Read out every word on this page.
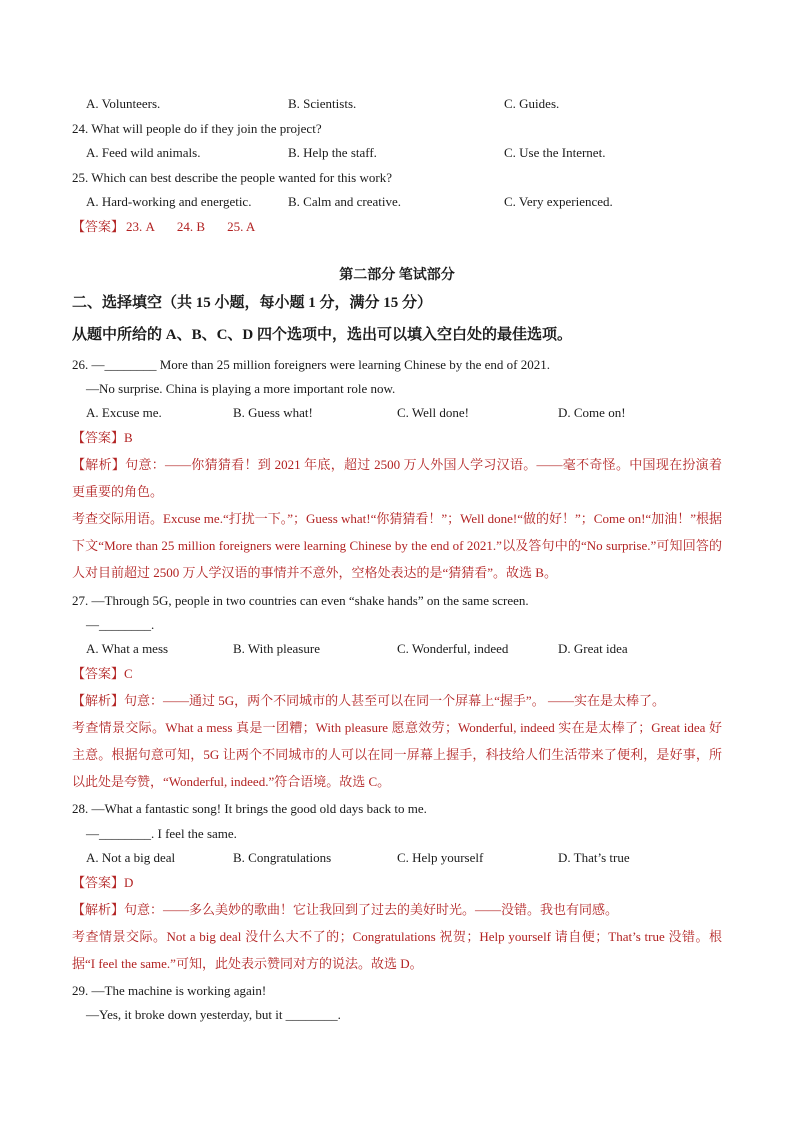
A. Volunteers.	B. Scientists.	C. Guides.
24. What will people do if they join the project?
A. Feed wild animals.	B. Help the staff.	C. Use the Internet.
25. Which can best describe the people wanted for this work?
A. Hard-working and energetic.	B. Calm and creative.	C. Very experienced.
【答案】 23. A 24. B 25. A
第二部分 笔试部分
二、选择填空（共 15 小题，每小题 1 分，满分 15 分）
从题中所给的 A、B、C、D 四个选项中，选出可以填入空白处的最佳选项。
26. —________ More than 25 million foreigners were learning Chinese by the end of 2021.
—No surprise. China is playing a more important role now.
A. Excuse me.	B. Guess what!	C. Well done!	D. Come on!
【答案】B
【解析】句意：——你猜猜看！到 2021 年底，超过 2500 万人外国人学习汉语。——毫不奇怪。中国现在扮演着更重要的角色。
考查交际用语。Excuse me.“打扰一下。”；Guess what!“你猜猜看！”；Well done!“做的好！”；Come on!“加油！”根据下文“More than 25 million foreigners were learning Chinese by the end of 2021.”以及答句中的“No surprise.”可知回答的人对目前超过 2500 万人学汉语的事情并不意外，空格处表达的是“猜猜看”。故选 B。
27. —Through 5G, people in two countries can even “shake hands” on the same screen.
—________.
A. What a mess	B. With pleasure	C. Wonderful, indeed	D. Great idea
【答案】C
【解析】句意：——通过 5G，两个不同城市的人甚至可以在同一个屏幕上“握手”。 ——实在是太棒了。
考查情景交际。What a mess 真是一团糟；With pleasure 愿意效劳；Wonderful, indeed 实在是太棒了；Great idea 好主意。根据句意可知，5G 让两个不同城市的人可以在同一屏幕上握手，科技给人们生活带来了便利，是好事，所以此处是夸赞，“Wonderful, indeed.”符合语境。故选 C。
28. —What a fantastic song! It brings the good old days back to me.
—________. I feel the same.
A. Not a big deal	B. Congratulations	C. Help yourself	D. That’s true
【答案】D
【解析】句意：——多么美妙的歌曲！它让我回到了过去的美好时光。——没错。我也有同感。
考查情景交际。Not a big deal 没什么大不了的；Congratulations 祝贺；Help yourself 请自便；That’s true 没错。根据“I feel the same.”可知，此处表示赞同对方的说法。故选 D。
29. —The machine is working again!
—Yes, it broke down yesterday, but it ________.
